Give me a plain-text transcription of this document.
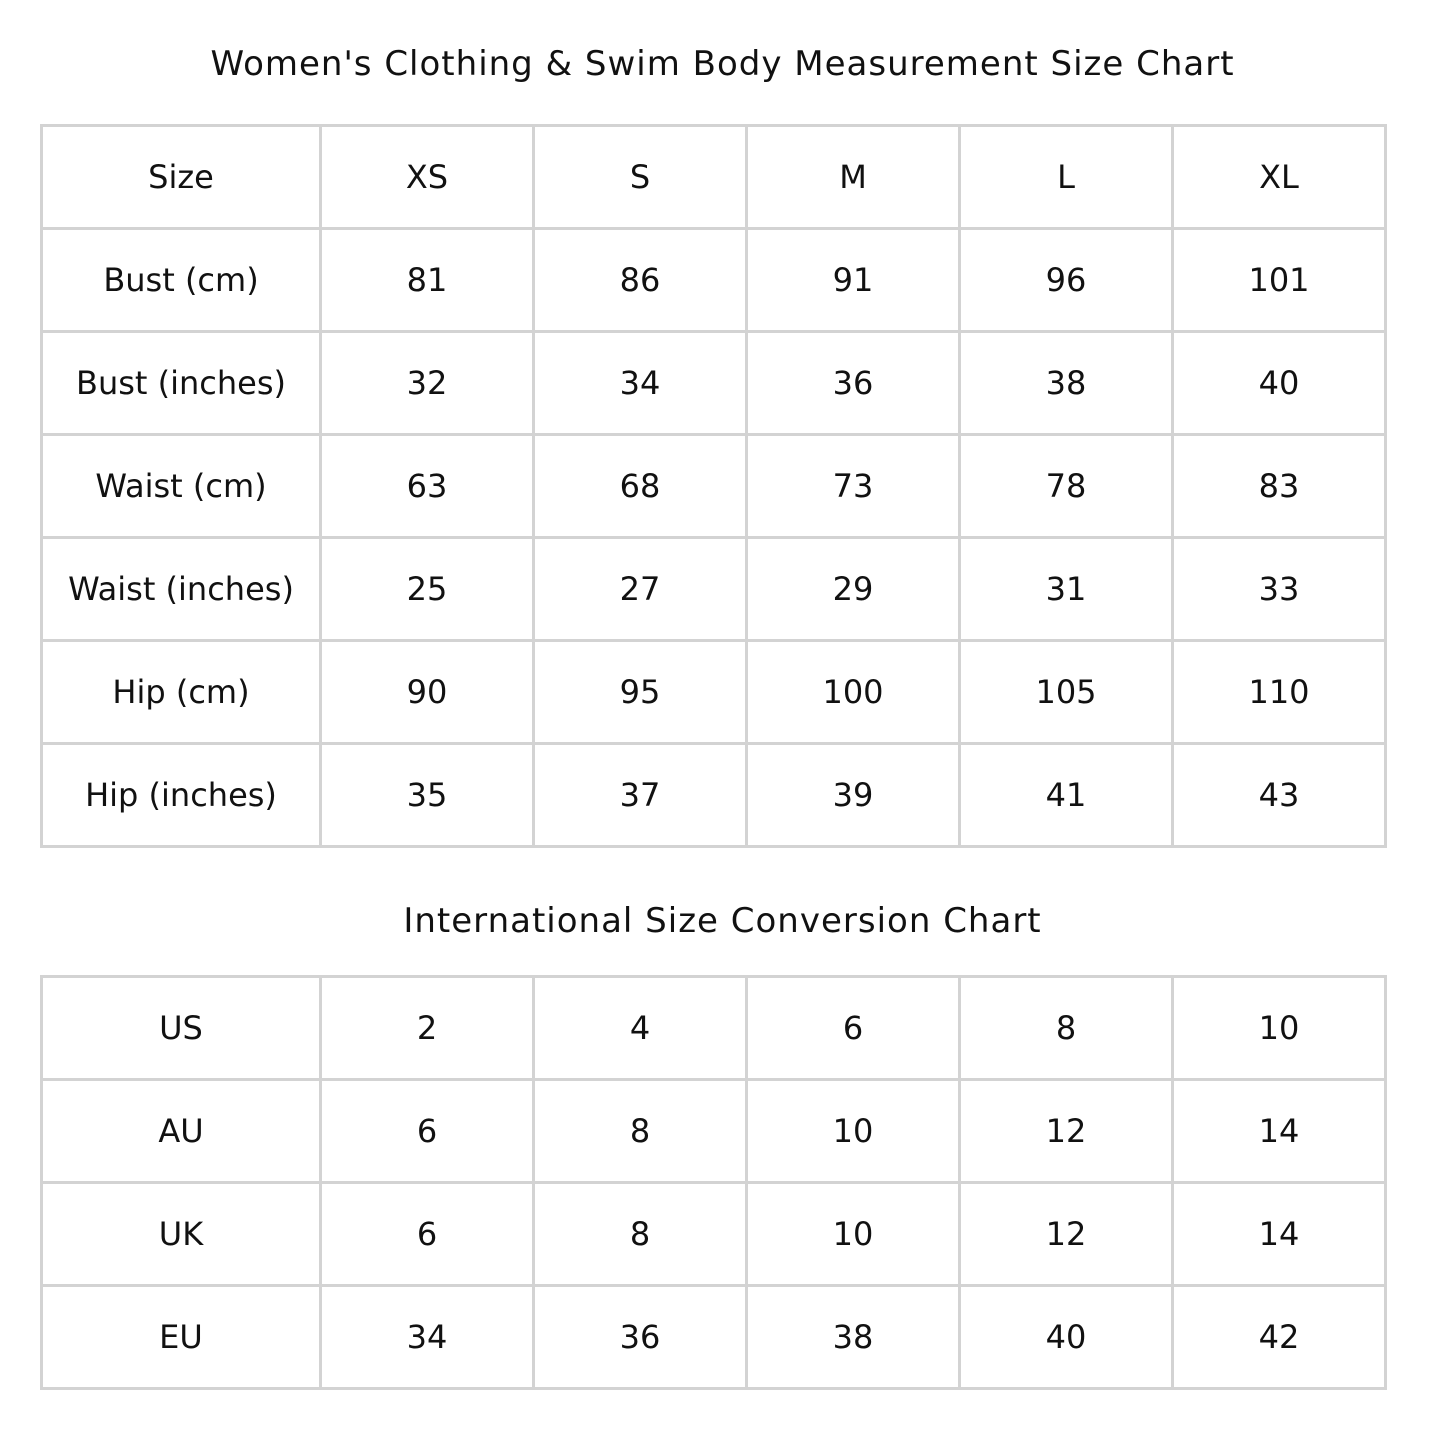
Women's Clothing & Swim Body Measurement Size Chart
Size	XS	S	M	L	XL
Bust (cm)	81	86	91	96	101
Bust (inches)	32	34	36	38	40
Waist (cm)	63	68	73	78	83
Waist (inches)	25	27	29	31	33
Hip (cm)	90	95	100	105	110
Hip (inches)	35	37	39	41	43
International Size Conversion Chart
US	2	4	6	8	10
AU	6	8	10	12	14
UK	6	8	10	12	14
EU	34	36	38	40	42
